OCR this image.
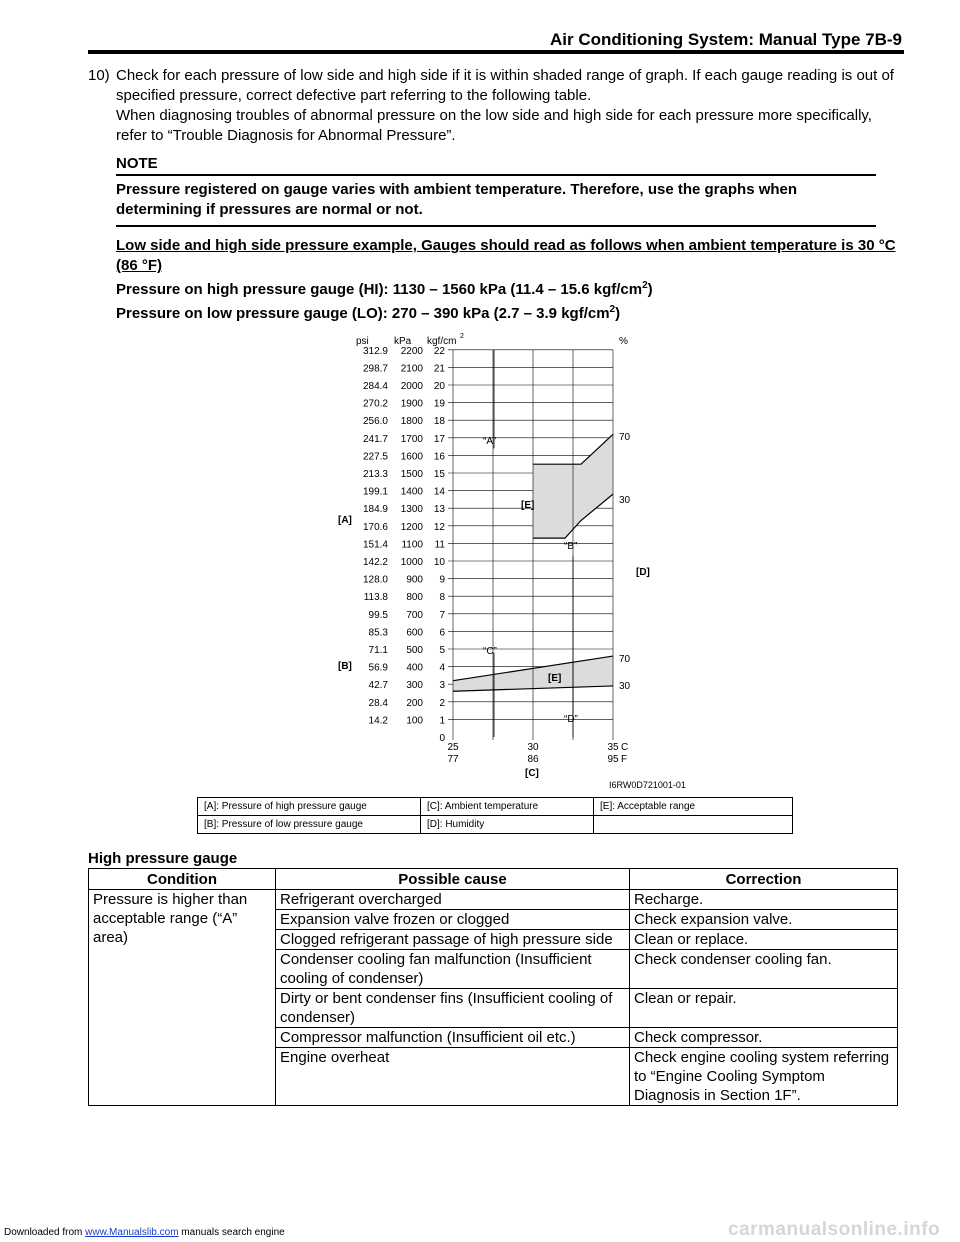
Air Conditioning System: Manual Type 7B-9
10) Check for each pressure of low side and high side if it is within shaded range of graph. If each gauge reading is out of specified pressure, correct defective part referring to the following table.
When diagnosing troubles of abnormal pressure on the low side and high side for each pressure more specifically, refer to “Trouble Diagnosis for Abnormal Pressure”.
NOTE
Pressure registered on gauge varies with ambient temperature. Therefore, use the graphs when determining if pressures are normal or not.
Low side and high side pressure example, Gauges should read as follows when ambient temperature is 30 °C (86 °F)
Pressure on high pressure gauge (HI): 1130 – 1560 kPa (11.4 – 15.6 kgf/$cm^2$)
Pressure on low pressure gauge (LO): 270 – 390 kPa (2.7 – 3.9 kgf/$cm^2$)
0
1
100
14.2
2
200
28.4
3
300
42.7
4
400
56.9
5
500
71.1
6
600
85.3
7
700
99.5
8
800
113.8
9
900
128.0
10
1000
142.2
11
1100
151.4
12
1200
170.6
13
1300
184.9
14
1400
199.1
15
1500
213.3
16
1600
227.5
17
1700
241.7
18
1800
256.0
19
1900
270.2
20
2000
284.4
21
2100
298.7
22
2200
312.9
25
77
30
86
35
95
C
F
psi	kPa kgf/cm 2	%
[A]
[B]
[C]
[D]
[E]
[E]
“A”
“B”
“C”
“D”
70
30
70
30
I6RW0D721001-01
[A]: Pressure of high pressure gauge	[C]: Ambient temperature	[E]: Acceptable range
[B]: Pressure of low pressure gauge	[D]: Humidity	
High pressure gauge
Condition	Possible cause	Correction
Pressure is higher than acceptable range (“A” area)	Refrigerant overcharged	Recharge.
	Expansion valve frozen or clogged	Check expansion valve.
	Clogged refrigerant passage of high pressure side	Clean or replace.
	Condenser cooling fan malfunction (Insufficient cooling of condenser)	Check condenser cooling fan.
	Dirty or bent condenser fins (Insufficient cooling of condenser)	Clean or repair.
	Compressor malfunction (Insufficient oil etc.)	Check compressor.
	Engine overheat	Check engine cooling system referring to “Engine Cooling Symptom Diagnosis in Section 1F”.
Downloaded from www.Manualslib.com manuals search engine	carmanualsonline.info
